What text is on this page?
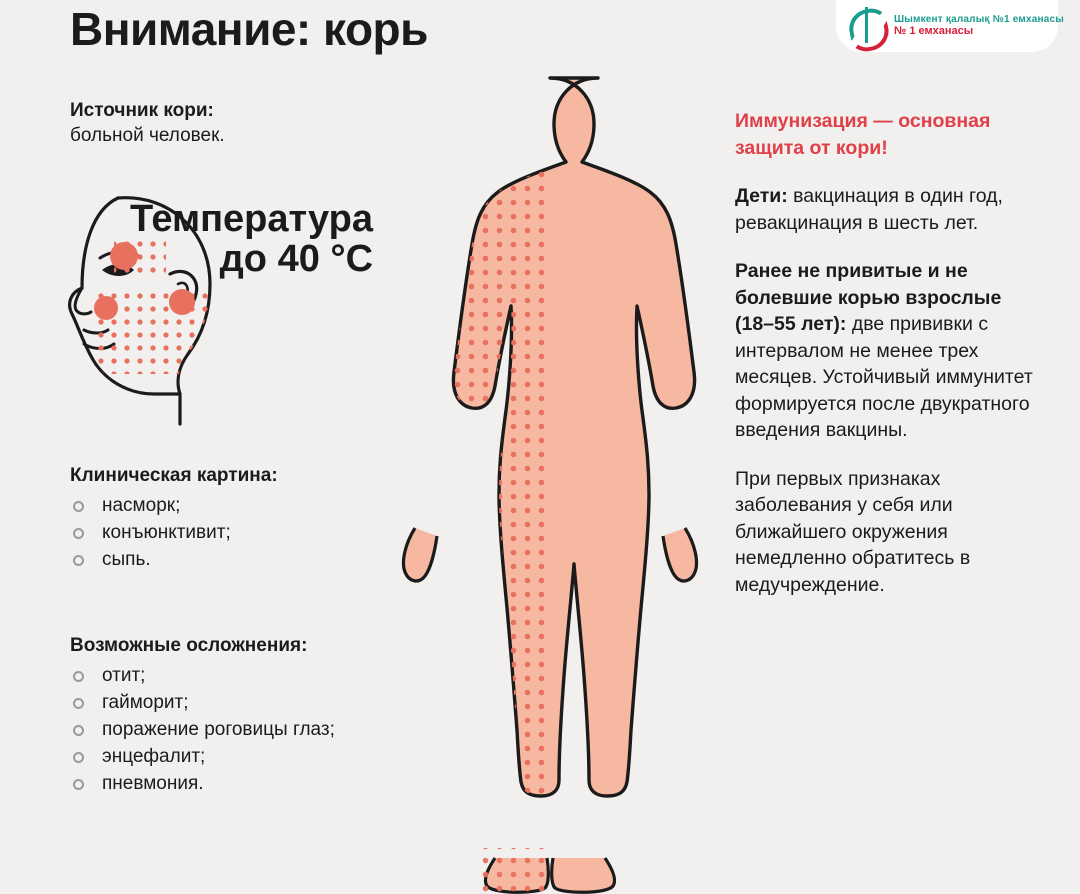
Шымкент қалалық №1 емханасы
№ 1 емханасы
Внимание: корь
Источник кори:
больной человек.
Температура
до 40 °C
Клиническая картина:
насморк;
конъюнктивит;
сыпь.
Возможные осложнения:
отит;
гайморит;
поражение роговицы глаз;
энцефалит;
пневмония.

Иммунизация — основная защита от кори!

Дети: вакцинация в один год, ревакцинация в шесть лет.

Ранее не привитые и не болевшие корью взрослые (18–55 лет): две прививки с интервалом не менее трех месяцев. Устойчивый иммунитет формируется после двукратного введения вакцины.

При первых признаках заболевания у себя или ближайшего окружения немедленно обратитесь в медучреждение.
